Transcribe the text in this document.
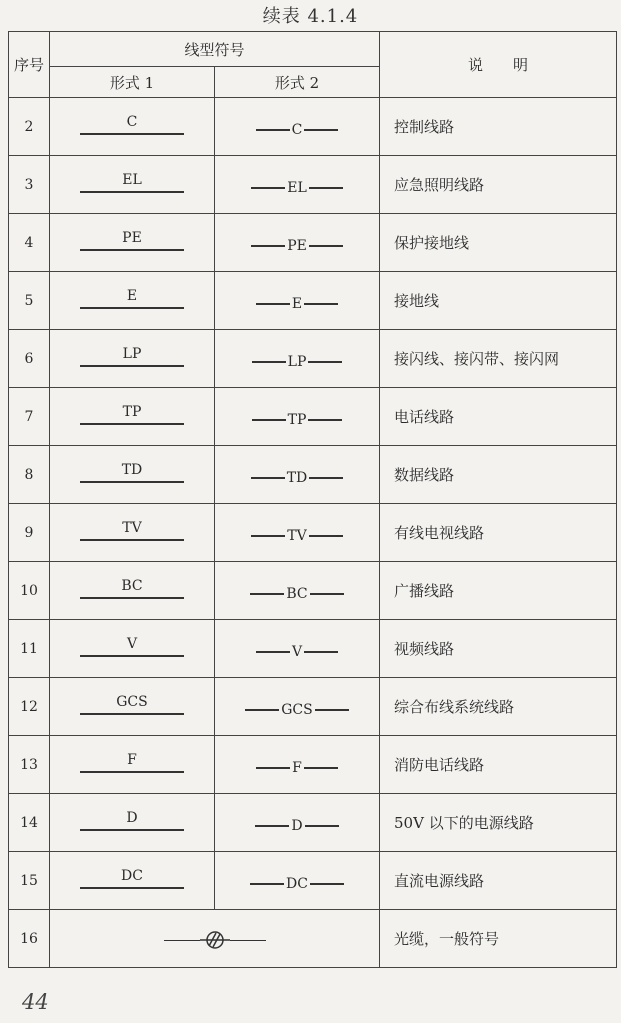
续表 4.1.4
序号	线型符号		说　　明
	形式 1	形式 2	
2	C	C	控制线路
3	EL	EL	应急照明线路
4	PE	PE	保护接地线
5	E	E	接地线
6	LP	LP	接闪线、接闪带、接闪网
7	TP	TP	电话线路
8	TD	TD	数据线路
9	TV	TV	有线电视线路
10	BC	BC	广播线路
11	V	V	视频线路
12	GCS	GCS	综合布线系统线路
13	F	F	消防电话线路
14	D	D	50V 以下的电源线路
15	DC	DC	直流电源线路
16			光缆，一般符号
44
